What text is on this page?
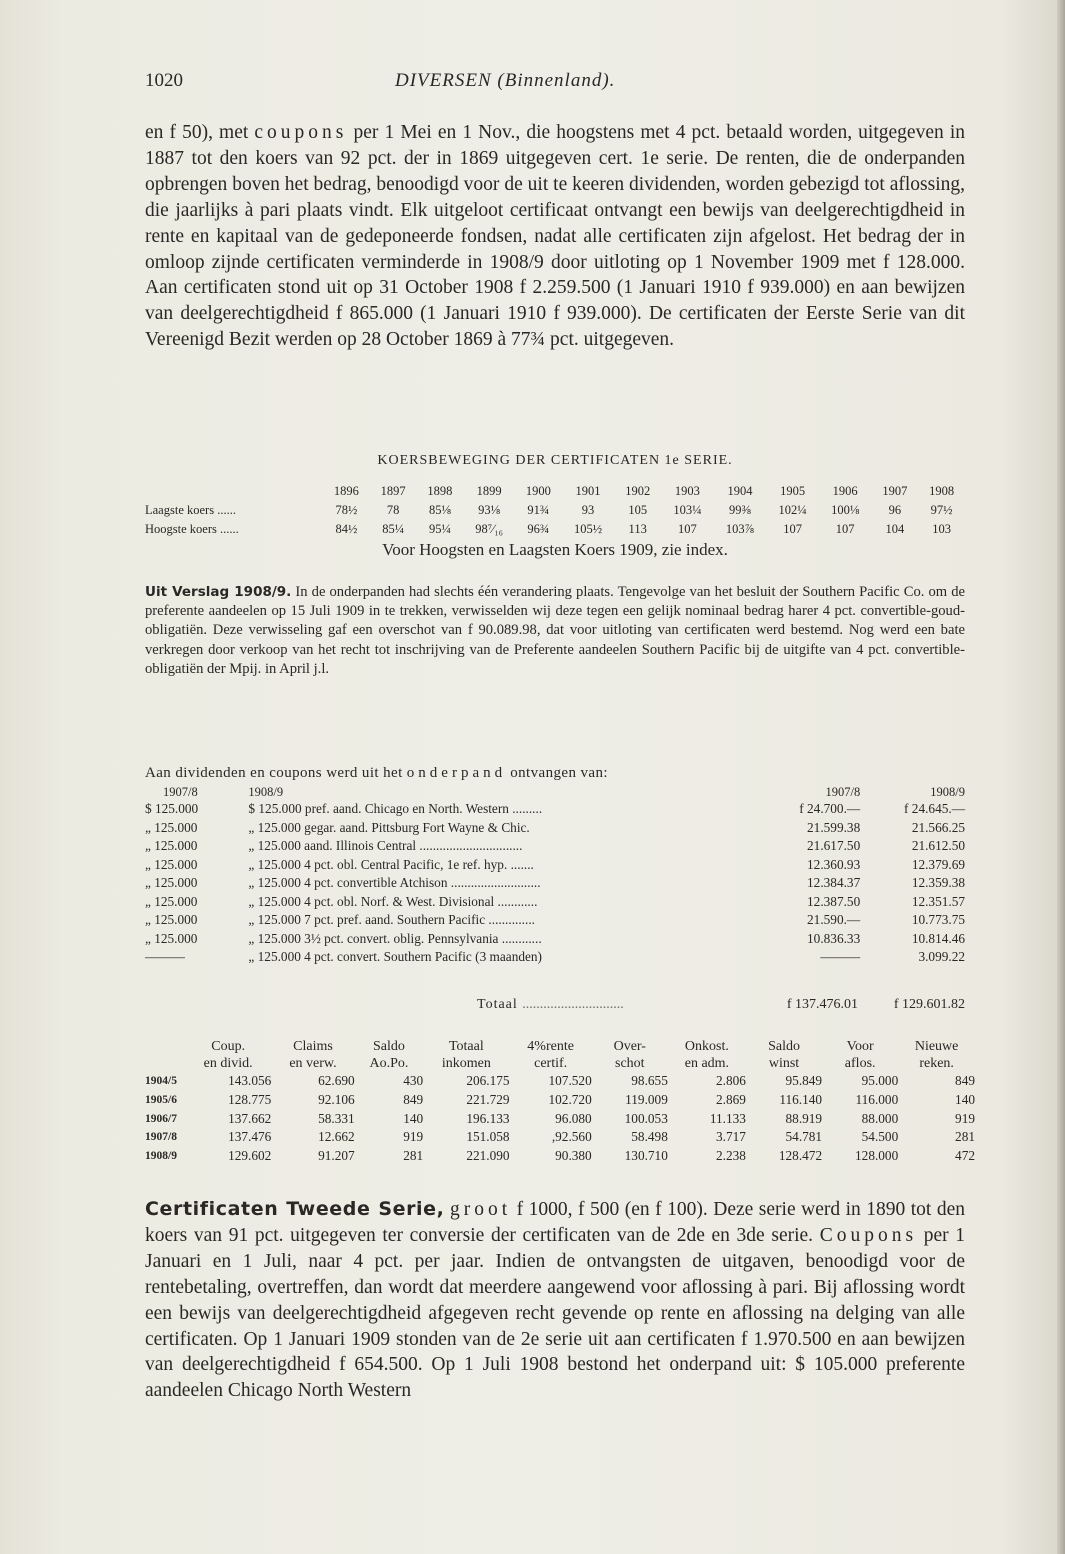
1020	DIVERSEN (Binnenland).
en f 50), met coupons per 1 Mei en 1 Nov., die hoogstens met 4 pct. betaald worden, uitgegeven in 1887 tot den koers van 92 pct. der in 1869 uitgegeven cert. 1e serie. De renten, die de onderpanden opbrengen boven het bedrag, benoodigd voor de uit te keeren dividenden, worden gebezigd tot aflossing, die jaarlijks à pari plaats vindt. Elk uitgeloot certificaat ontvangt een bewijs van deelgerechtigdheid in rente en kapitaal van de gedeponeerde fondsen, nadat alle certificaten zijn afgelost. Het bedrag der in omloop zijnde certificaten verminderde in 1908/9 door uitloting op 1 November 1909 met f 128.000. Aan certificaten stond uit op 31 October 1908 f 2.259.500 (1 Januari 1910 f 939.000) en aan bewijzen van deelgerechtigdheid f 865.000 (1 Januari 1910 f 939.000). De certificaten der Eerste Serie van dit Vereenigd Bezit werden op 28 October 1869 à 77¾ pct. uitgegeven.
KOERSBEWEGING DER CERTIFICATEN 1e SERIE.
	1896	1897	1898	1899	1900	1901	1902	1903	1904	1905	1906	1907	1908
Laagste koers ......	78½	78	85⅛	93⅛	91¾	93	105	103¼	99⅜	102¼	100⅛	96	97½
Hoogste koers ......	84½	85¼	95¼	98⁷⁄₁₆	96¾	105½	113	107	103⅞	107	107	104	103
Voor Hoogsten en Laagsten Koers 1909, zie index.
Uit Verslag 1908/9. In de onderpanden had slechts één verandering plaats. Tengevolge van het besluit der Southern Pacific Co. om de preferente aandeelen op 15 Juli 1909 in te trekken, verwisselden wij deze tegen een gelijk nominaal bedrag harer 4 pct. convertible-goud-obligatiën. Deze verwisseling gaf een overschot van f 90.089.98, dat voor uitloting van certificaten werd bestemd. Nog werd een bate verkregen door verkoop van het recht tot inschrijving van de Preferente aandeelen Southern Pacific bij de uitgifte van 4 pct. convertible-obligatiën der Mpij. in April j.l.
Aan dividenden en coupons werd uit het onderpand ontvangen van:
1907/8	1908/9	1907/8	1908/9
$ 125.000	$ 125.000 pref. aand. Chicago en North. Western .........	f 24.700.—	f 24.645.—
„ 125.000	„ 125.000 gegar. aand. Pittsburg Fort Wayne & Chic.	21.599.38	21.566.25
„ 125.000	„ 125.000 aand. Illinois Central ...............................	21.617.50	21.612.50
„ 125.000	„ 125.000 4 pct. obl. Central Pacific, 1e ref. hyp. .......	12.360.93	12.379.69
„ 125.000	„ 125.000 4 pct. convertible Atchison ...........................	12.384.37	12.359.38
„ 125.000	„ 125.000 4 pct. obl. Norf. & West. Divisional ............	12.387.50	12.351.57
„ 125.000	„ 125.000 7 pct. pref. aand. Southern Pacific ..............	21.590.—	10.773.75
„ 125.000	„ 125.000 3½ pct. convert. oblig. Pennsylvania ............	10.836.33	10.814.46
———	„ 125.000 4 pct. convert. Southern Pacific (3 maanden)	———	3.099.22
Totaal .............................	f 137.476.01	f 129.601.82
	Coup.	Claims	Saldo	Totaal	4%rente	Over-	Onkost.	Saldo	Voor	Nieuwe
	en divid.	en verw.	Ao.Po.	inkomen	certif.	schot	en adm.	winst	aflos.	reken.
1904/5	143.056	62.690	430	206.175	107.520	98.655	2.806	95.849	95.000	849
1905/6	128.775	92.106	849	221.729	102.720	119.009	2.869	116.140	116.000	140
1906/7	137.662	58.331	140	196.133	96.080	100.053	11.133	88.919	88.000	919
1907/8	137.476	12.662	919	151.058	,92.560	58.498	3.717	54.781	54.500	281
1908/9	129.602	91.207	281	221.090	90.380	130.710	2.238	128.472	128.000	472
Certificaten Tweede Serie, groot f 1000, f 500 (en f 100). Deze serie werd in 1890 tot den koers van 91 pct. uitgegeven ter conversie der certificaten van de 2de en 3de serie. Coupons per 1 Januari en 1 Juli, naar 4 pct. per jaar. Indien de ontvangsten de uitgaven, benoodigd voor de rentebetaling, overtreffen, dan wordt dat meerdere aangewend voor aflossing à pari. Bij aflossing wordt een bewijs van deelgerechtigdheid afgegeven recht gevende op rente en aflossing na delging van alle certificaten. Op 1 Januari 1909 stonden van de 2e serie uit aan certificaten f 1.970.500 en aan bewijzen van deelgerechtigdheid f 654.500. Op 1 Juli 1908 bestond het onderpand uit: $ 105.000 preferente aandeelen Chicago North Western
